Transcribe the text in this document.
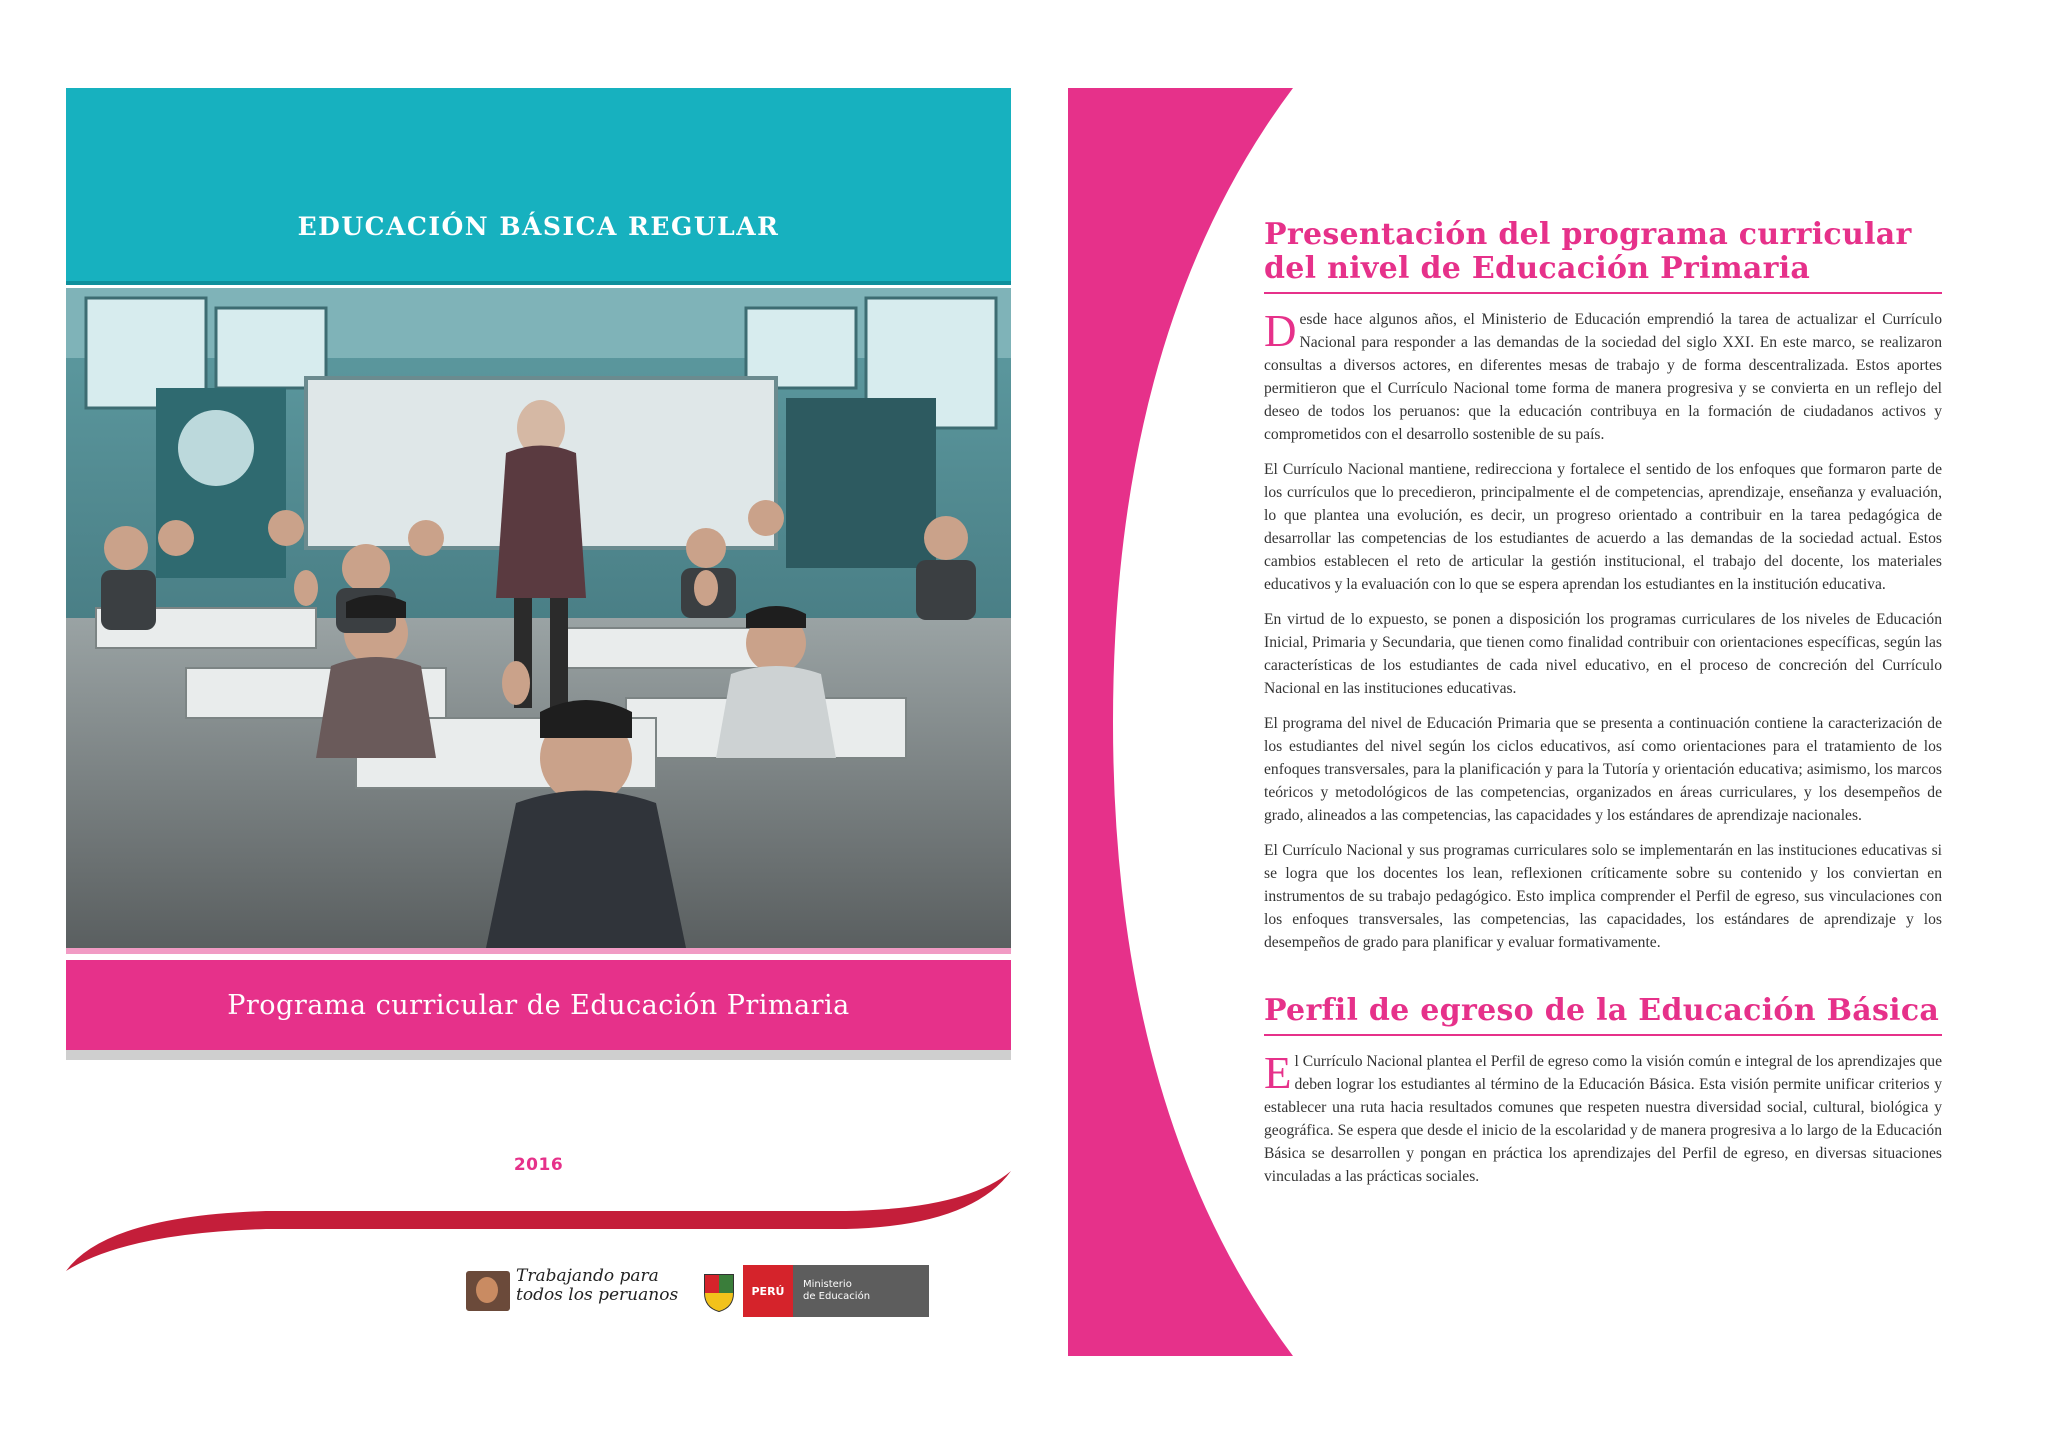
EDUCACIÓN BÁSICA REGULAR
Programa curricular de Educación Primaria
2016
Trabajando para
todos los peruanos	PERÚ	Ministerio
de Educación
Presentación del programa curricular del nivel de Educación Primaria

Desde hace algunos años, el Ministerio de Educación emprendió la tarea de actualizar el Currículo Nacional para responder a las demandas de la sociedad del siglo XXI. En este marco, se realizaron consultas a diversos actores, en diferentes mesas de trabajo y de forma descentralizada. Estos aportes permitieron que el Currículo Nacional tome forma de manera progresiva y se convierta en un reflejo del deseo de todos los peruanos: que la educación contribuya en la formación de ciudadanos activos y comprometidos con el desarrollo sostenible de su país.

El Currículo Nacional mantiene, redirecciona y fortalece el sentido de los enfoques que formaron parte de los currículos que lo precedieron, principalmente el de competencias, aprendizaje, enseñanza y evaluación, lo que plantea una evolución, es decir, un progreso orientado a contribuir en la tarea pedagógica de desarrollar las competencias de los estudiantes de acuerdo a las demandas de la sociedad actual. Estos cambios establecen el reto de articular la gestión institucional, el trabajo del docente, los materiales educativos y la evaluación con lo que se espera aprendan los estudiantes en la institución educativa.

En virtud de lo expuesto, se ponen a disposición los programas curriculares de los niveles de Educación Inicial, Primaria y Secundaria, que tienen como finalidad contribuir con orientaciones específicas, según las características de los estudiantes de cada nivel educativo, en el proceso de concreción del Currículo Nacional en las instituciones educativas.

El programa del nivel de Educación Primaria que se presenta a continuación contiene la caracterización de los estudiantes del nivel según los ciclos educativos, así como orientaciones para el tratamiento de los enfoques transversales, para la planificación y para la Tutoría y orientación educativa; asimismo, los marcos teóricos y metodológicos de las competencias, organizados en áreas curriculares, y los desempeños de grado, alineados a las competencias, las capacidades y los estándares de aprendizaje nacionales.

El Currículo Nacional y sus programas curriculares solo se implementarán en las instituciones educativas si se logra que los docentes los lean, reflexionen críticamente sobre su contenido y los conviertan en instrumentos de su trabajo pedagógico. Esto implica comprender el Perfil de egreso, sus vinculaciones con los enfoques transversales, las competencias, las capacidades, los estándares de aprendizaje y los desempeños de grado para planificar y evaluar formativamente.

Perfil de egreso de la Educación Básica

El Currículo Nacional plantea el Perfil de egreso como la visión común e integral de los aprendizajes que deben lograr los estudiantes al término de la Educación Básica. Esta visión permite unificar criterios y establecer una ruta hacia resultados comunes que respeten nuestra diversidad social, cultural, biológica y geográfica. Se espera que desde el inicio de la escolaridad y de manera progresiva a lo largo de la Educación Básica se desarrollen y pongan en práctica los aprendizajes del Perfil de egreso, en diversas situaciones vinculadas a las prácticas sociales.
